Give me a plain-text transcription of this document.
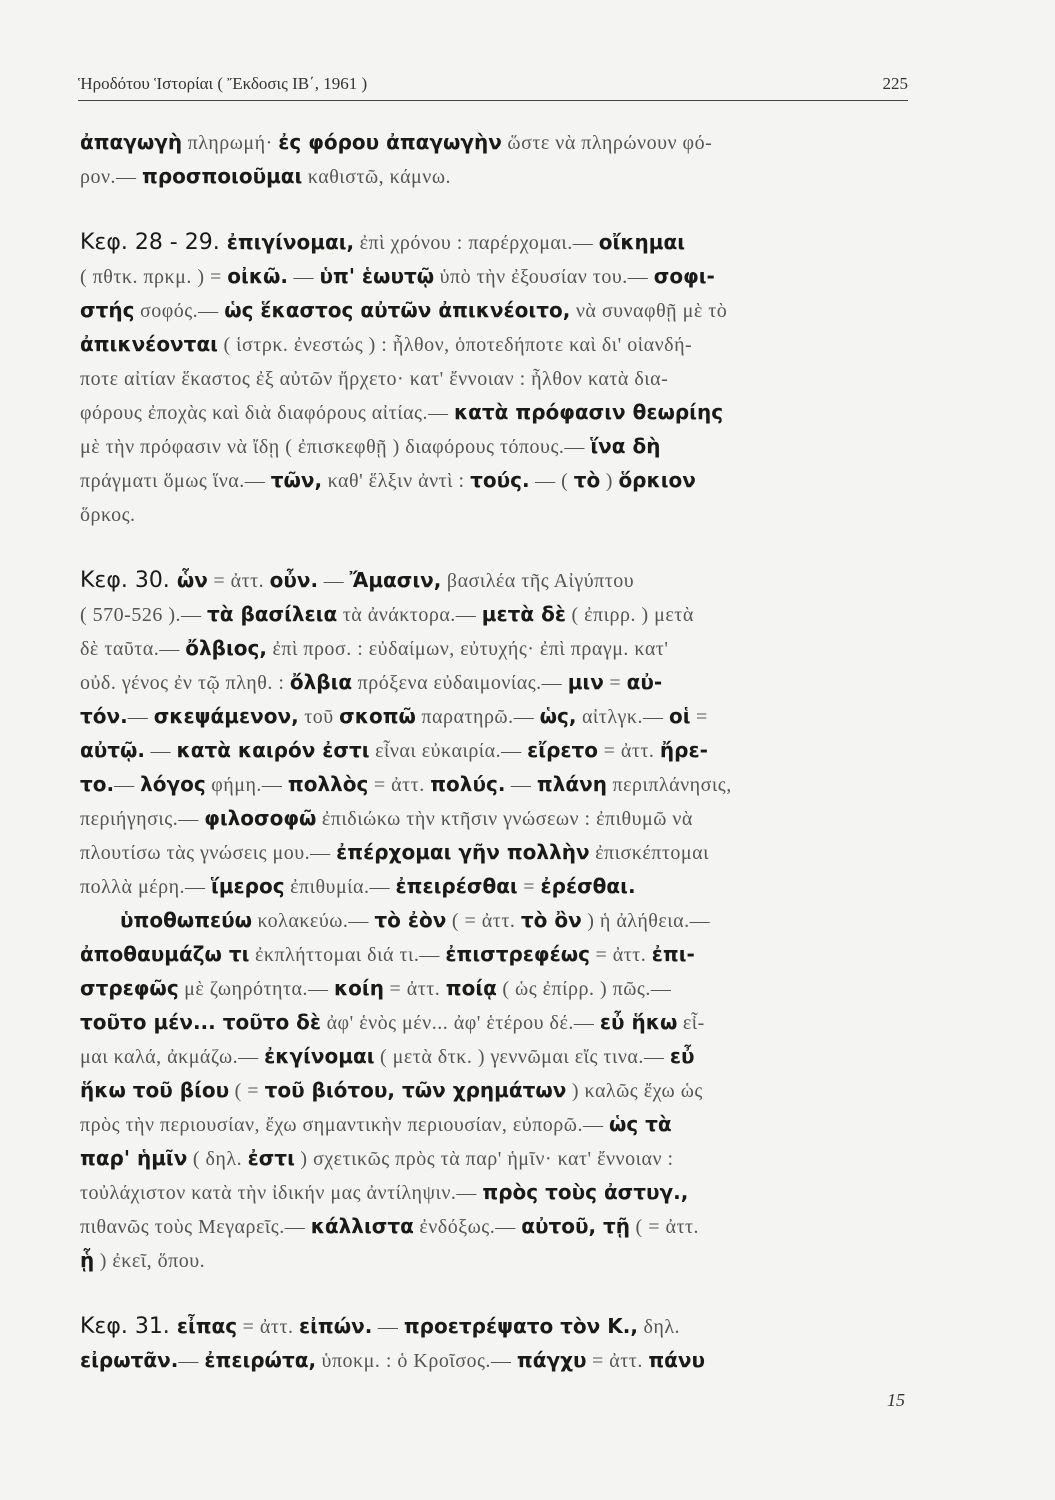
Ἡροδότου Ἱστορίαι ( Ἔκδοσις ΙΒ΄, 1961 )	225
ἀπαγωγὴ πληρωμή· ἐς φόρου ἀπαγωγὴν ὥστε νὰ πληρώνουν φό-
ρον.— προσποιοῦμαι καθιστῶ, κάμνω.
Κεφ. 28 - 29. ἐπιγίνομαι, ἐπὶ χρόνου : παρέρχομαι.— οἴκημαι
( πθτκ. πρκμ. ) = οἰκῶ. — ὑπ' ἑωυτῷ ὑπὸ τὴν ἐξουσίαν του.— σοφι-
στής σοφός.— ὡς ἕκαστος αὐτῶν ἀπικνέοιτο, νὰ συναφθῇ μὲ τὸ
ἀπικνέονται ( ἱστρκ. ἐνεστώς ) : ἦλθον, ὁποτεδήποτε καὶ δι' οἱανδή-
ποτε αἰτίαν ἕκαστος ἐξ αὐτῶν ἤρχετο· κατ' ἔννοιαν : ἦλθον κατὰ δια-
φόρους ἐποχὰς καὶ διὰ διαφόρους αἰτίας.— κατὰ πρόφασιν θεωρίης
μὲ τὴν πρόφασιν νὰ ἴδῃ ( ἐπισκεφθῇ ) διαφόρους τόπους.— ἵνα δὴ
πράγματι ὅμως ἵνα.— τῶν, καθ' ἕλξιν ἀντὶ : τούς. — ( τὸ ) ὅρκιον
ὅρκος.
Κεφ. 30. ὧν = ἀττ. οὖν. — Ἄμασιν, βασιλέα τῆς Αἰγύπτου
( 570-526 ).— τὰ βασίλεια τὰ ἀνάκτορα.— μετὰ δὲ ( ἐπιρρ. ) μετὰ
δὲ ταῦτα.— ὄλβιος, ἐπὶ προσ. : εὐδαίμων, εὐτυχής· ἐπὶ πραγμ. κατ'
οὐδ. γένος ἐν τῷ πληθ. : ὄλβια πρόξενα εὐδαιμονίας.— μιν = αὐ-
τόν.— σκεψάμενον, τοῦ σκοπῶ παρατηρῶ.— ὡς, αἰτλγκ.— οἱ =
αὐτῷ. — κατὰ καιρόν ἐστι εἶναι εὐκαιρία.— εἴρετο = ἀττ. ἤρε-
το.— λόγος φήμη.— πολλὸς = ἀττ. πολύς. — πλάνη περιπλάνησις,
περιήγησις.— φιλοσοφῶ ἐπιδιώκω τὴν κτῆσιν γνώσεων : ἐπιθυμῶ νὰ
πλουτίσω τὰς γνώσεις μου.— ἐπέρχομαι γῆν πολλὴν ἐπισκέπτομαι
πολλὰ μέρη.— ἵμερος ἐπιθυμία.— ἐπειρέσθαι = ἐρέσθαι.
ὑποθωπεύω κολακεύω.— τὸ ἐὸν ( = ἀττ. τὸ ὂν ) ἡ ἀλήθεια.—
ἀποθαυμάζω τι ἐκπλήττομαι διά τι.— ἐπιστρεφέως = ἀττ. ἐπι-
στρεφῶς μὲ ζωηρότητα.— κοίη = ἀττ. ποίᾳ ( ὡς ἐπίρρ. ) πῶς.—
τοῦτο μέν... τοῦτο δὲ ἀφ' ἑνὸς μέν... ἀφ' ἑτέρου δέ.— εὖ ἥκω εἶ-
μαι καλά, ἀκμάζω.— ἐκγίνομαι ( μετὰ δτκ. ) γεννῶμαι εἴς τινα.— εὖ
ἥκω τοῦ βίου ( = τοῦ βιότου, τῶν χρημάτων ) καλῶς ἔχω ὡς
πρὸς τὴν περιουσίαν, ἔχω σημαντικὴν περιουσίαν, εὐπορῶ.— ὡς τὰ
παρ' ἡμῖν ( δηλ. ἐστι ) σχετικῶς πρὸς τὰ παρ' ἡμῖν· κατ' ἔννοιαν :
τοὐλάχιστον κατὰ τὴν ἰδικήν μας ἀντίληψιν.— πρὸς τοὺς ἀστυγ.,
πιθανῶς τοὺς Μεγαρεῖς.— κάλλιστα ἐνδόξως.— αὐτοῦ, τῇ ( = ἀττ.
ᾗ ) ἐκεῖ, ὅπου.
Κεφ. 31. εἶπας = ἀττ. εἰπών. — προετρέψατο τὸν Κ., δηλ.
εἰρωτᾶν.— ἐπειρώτα, ὑποκμ. : ὁ Κροῖσος.— πάγχυ = ἀττ. πάνυ
15
